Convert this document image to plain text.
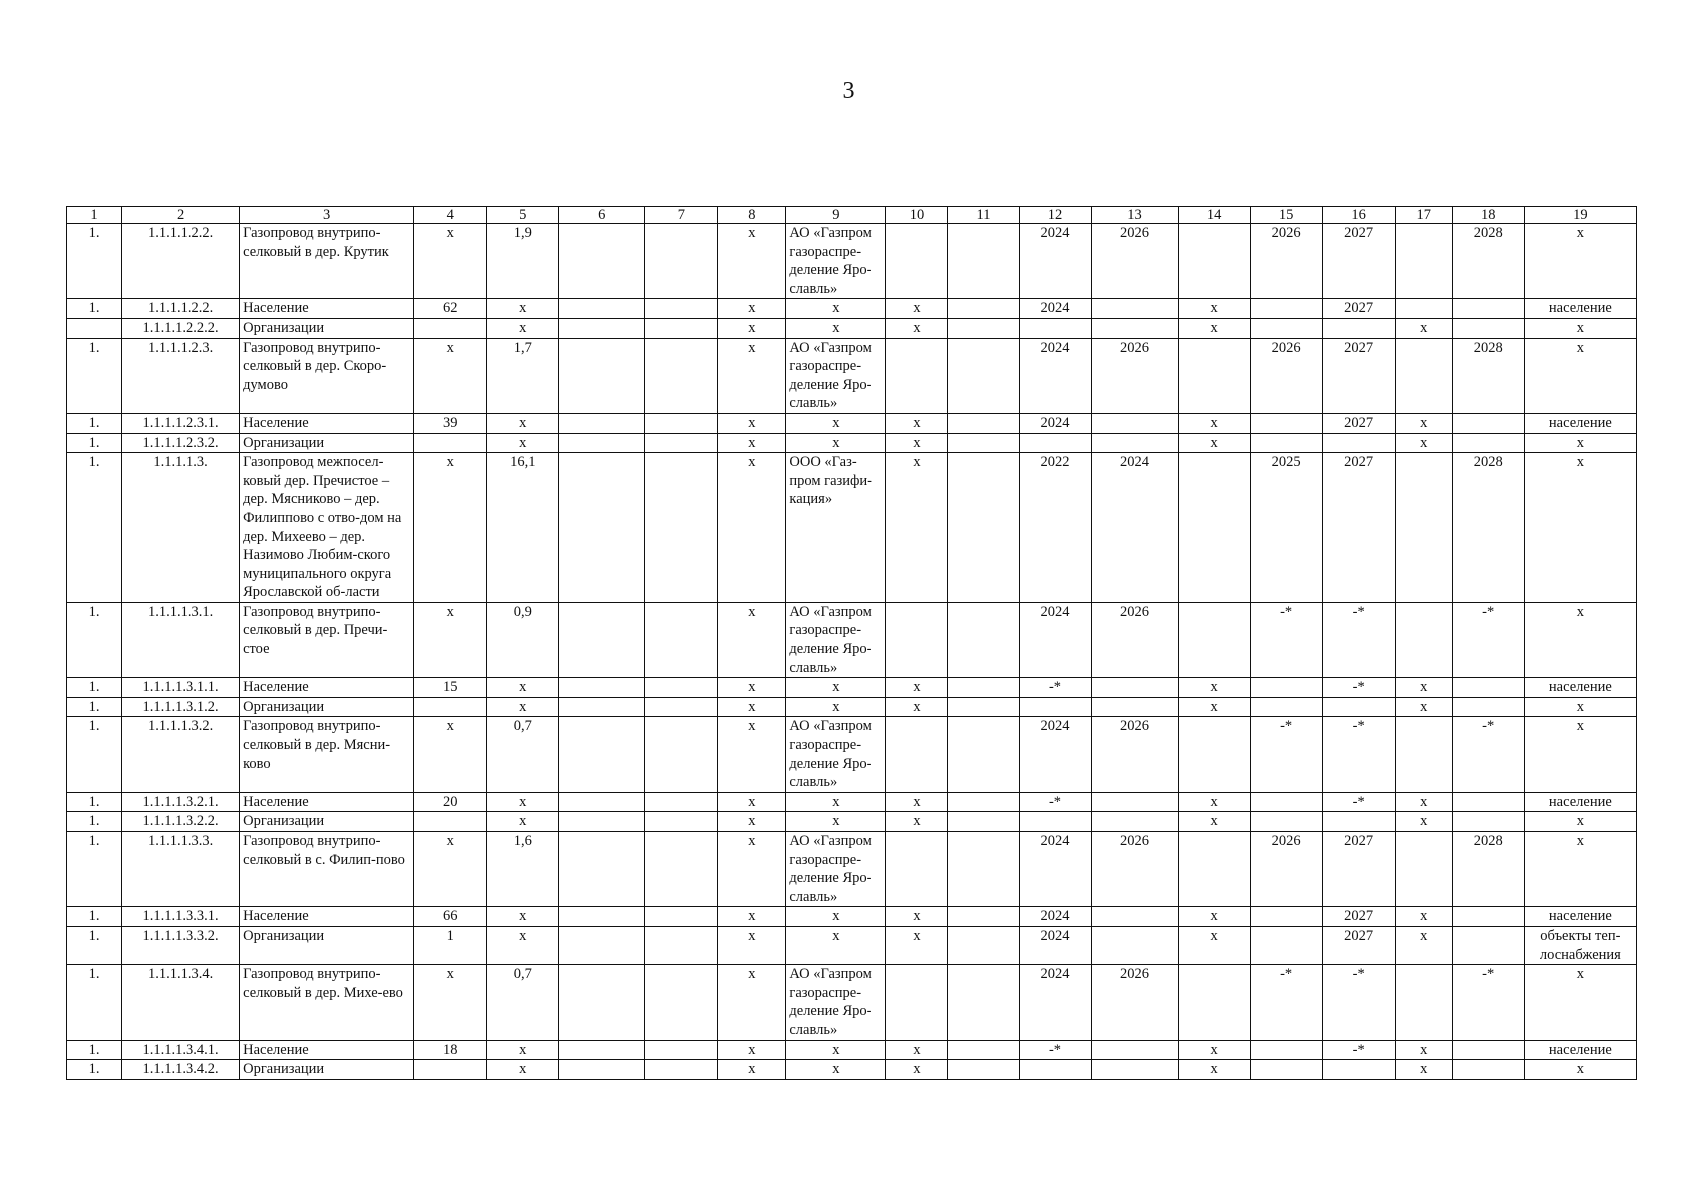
3
1	2	3	4	5	6	7	8	9	10	11	12	13	14	15	16	17	18	19
1.	1.1.1.1.2.2.	Газопровод внутрипо-селковый в дер. Крутик	х	1,9			х	АО «Газпром газораспре-деление Яро-славль»			2024	2026		2026	2027		2028	х
1.	1.1.1.1.2.2.	Население	62	х			х	х	х		2024		х		2027			население
	1.1.1.1.2.2.2.	Организации		х			х	х	х				х			х		х
1.	1.1.1.1.2.3.	Газопровод внутрипо-селковый в дер. Скоро-думово	х	1,7			х	АО «Газпром газораспре-деление Яро-славль»			2024	2026		2026	2027		2028	х
1.	1.1.1.1.2.3.1.	Население	39	х			х	х	х		2024		х		2027	х		население
1.	1.1.1.1.2.3.2.	Организации		х			х	х	х				х			х		х
1.	1.1.1.1.3.	Газопровод межпосел-ковый дер. Пречистое – дер. Мясниково – дер. Филиппово с отво-дом на дер. Михеево – дер. Назимово Любим-ского муниципального округа Ярославской об-ласти	х	16,1			х	ООО «Газ-пром газифи-кация»	х		2022	2024		2025	2027		2028	х
1.	1.1.1.1.3.1.	Газопровод внутрипо-селковый в дер. Пречи-стое	х	0,9			х	АО «Газпром газораспре-деление Яро-славль»			2024	2026		-*	-*		-*	х
1.	1.1.1.1.3.1.1.	Население	15	х			х	х	х		-*		х		-*	х		население
1.	1.1.1.1.3.1.2.	Организации		х			х	х	х				х			х		х
1.	1.1.1.1.3.2.	Газопровод внутрипо-селковый в дер. Мясни-ково	х	0,7			х	АО «Газпром газораспре-деление Яро-славль»			2024	2026		-*	-*		-*	х
1.	1.1.1.1.3.2.1.	Население	20	х			х	х	х		-*		х		-*	х		население
1.	1.1.1.1.3.2.2.	Организации		х			х	х	х				х			х		х
1.	1.1.1.1.3.3.	Газопровод внутрипо-селковый в с. Филип-пово	х	1,6			х	АО «Газпром газораспре-деление Яро-славль»			2024	2026		2026	2027		2028	х
1.	1.1.1.1.3.3.1.	Население	66	х			х	х	х		2024		х		2027	х		население
1.	1.1.1.1.3.3.2.	Организации	1	х			х	х	х		2024		х		2027	х		объекты теп-лоснабжения
1.	1.1.1.1.3.4.	Газопровод внутрипо-селковый в дер. Михе-ево	х	0,7			х	АО «Газпром газораспре-деление Яро-славль»			2024	2026		-*	-*		-*	х
1.	1.1.1.1.3.4.1.	Население	18	х			х	х	х		-*		х		-*	х		население
1.	1.1.1.1.3.4.2.	Организации		х			х	х	х				х			х		х
